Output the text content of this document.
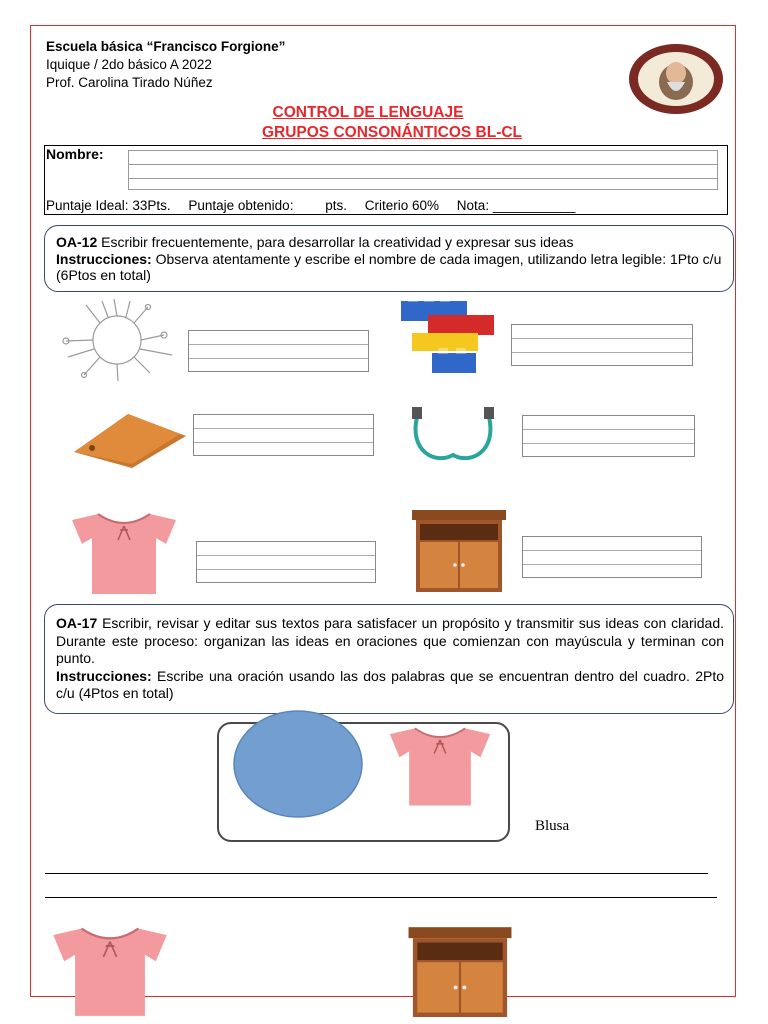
Escuela básica “Francisco Forgione”
Iquique / 2do básico A 2022
Prof. Carolina Tirado Núñez
CONTROL DE LENGUAJE
GRUPOS CONSONÁNTICOS BL-CL
Nombre:
Puntaje Ideal: 33Pts. Puntaje obtenido: pts. Criterio 60% Nota: ___________
OA-12 Escribir frecuentemente, para desarrollar la creatividad y expresar sus ideas
Instrucciones: Observa atentamente y escribe el nombre de cada imagen, utilizando letra legible: 1Pto c/u (6Ptos en total)
OA-17 Escribir, revisar y editar sus textos para satisfacer un propósito y transmitir sus ideas con claridad. Durante este proceso: organizan las ideas en oraciones que comienzan con mayúscula y terminan con punto.
Instrucciones: Escribe una oración usando las dos palabras que se encuentran dentro del cuadro. 2Pto c/u (4Ptos en total)
Blusa
